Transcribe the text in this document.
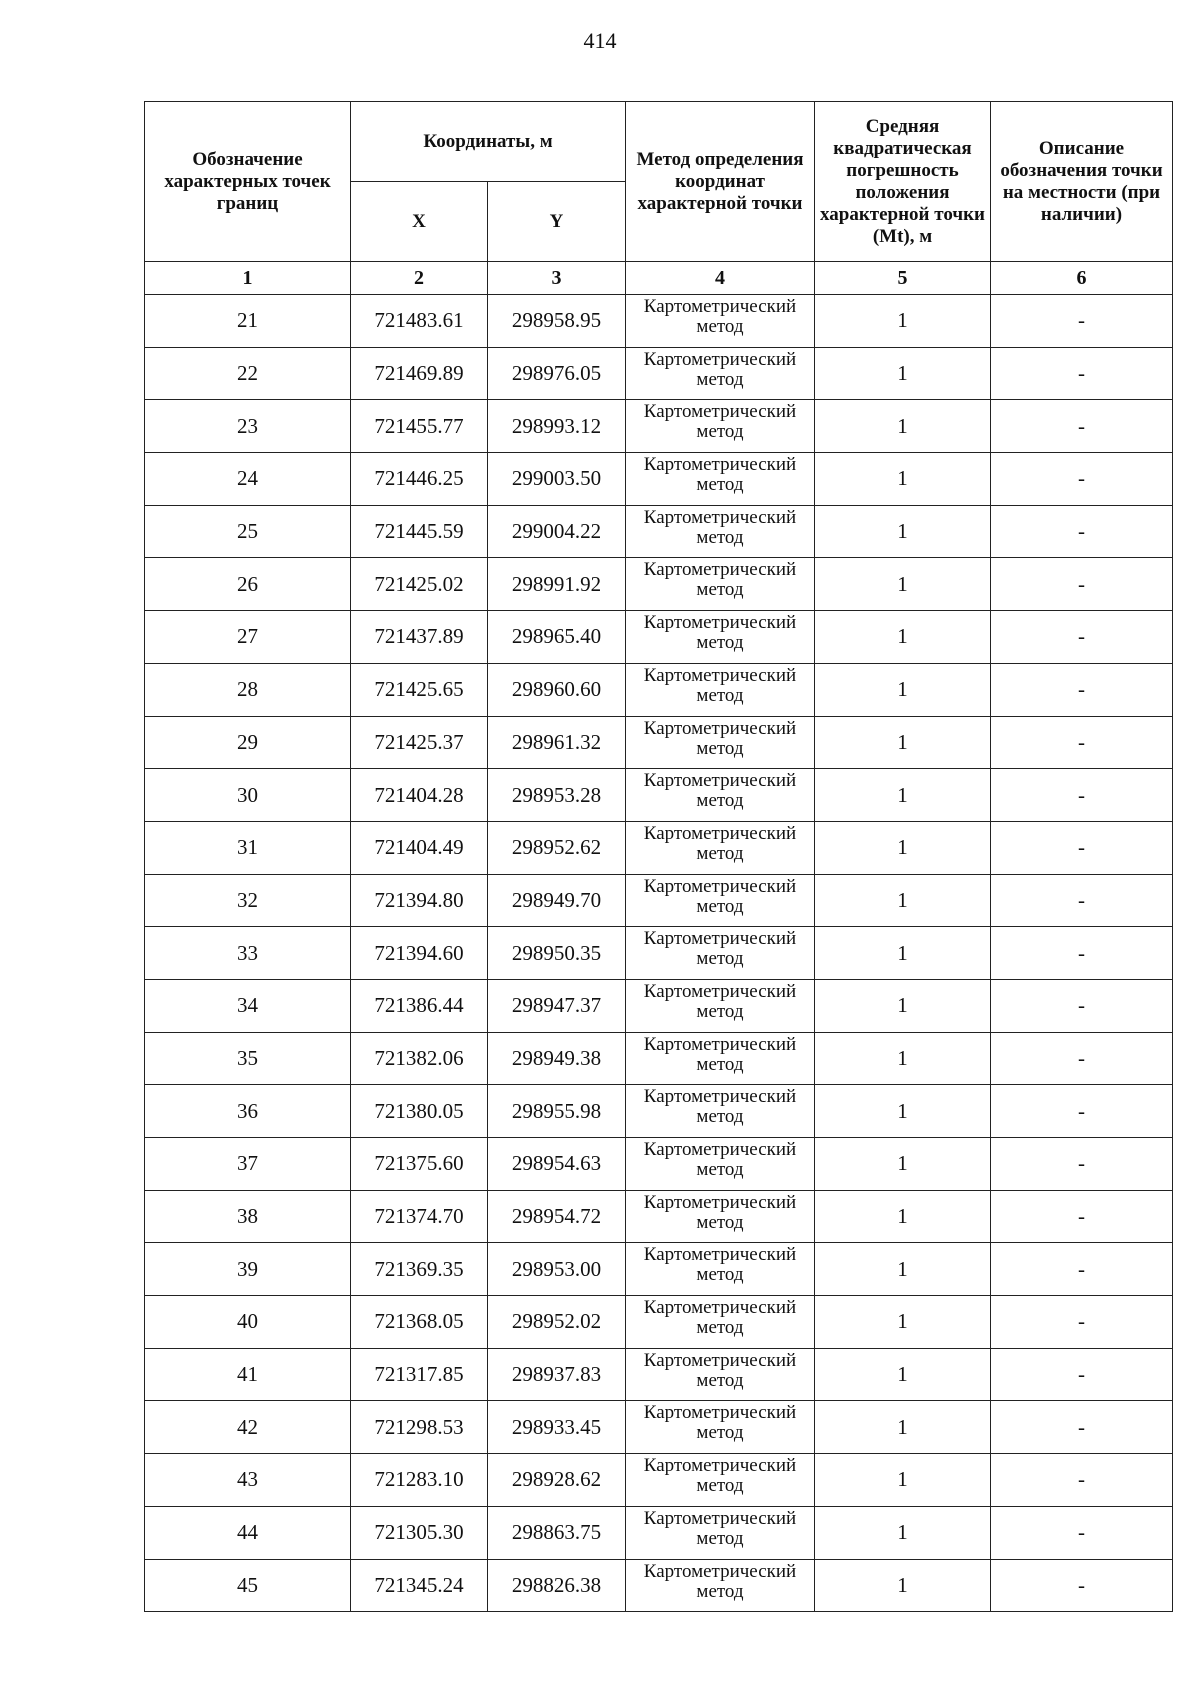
414
Обозначение характерных точек границ	Координаты, м		Метод определения координат характерной точки	Средняя квадратическая погрешность положения характерной точки (Mt), м	Описание обозначения точки на местности (при наличии)
	X	Y			
1	2	3	4	5	6
21	721483.61	298958.95	Картометрический метод	1	-
22	721469.89	298976.05	Картометрический метод	1	-
23	721455.77	298993.12	Картометрический метод	1	-
24	721446.25	299003.50	Картометрический метод	1	-
25	721445.59	299004.22	Картометрический метод	1	-
26	721425.02	298991.92	Картометрический метод	1	-
27	721437.89	298965.40	Картометрический метод	1	-
28	721425.65	298960.60	Картометрический метод	1	-
29	721425.37	298961.32	Картометрический метод	1	-
30	721404.28	298953.28	Картометрический метод	1	-
31	721404.49	298952.62	Картометрический метод	1	-
32	721394.80	298949.70	Картометрический метод	1	-
33	721394.60	298950.35	Картометрический метод	1	-
34	721386.44	298947.37	Картометрический метод	1	-
35	721382.06	298949.38	Картометрический метод	1	-
36	721380.05	298955.98	Картометрический метод	1	-
37	721375.60	298954.63	Картометрический метод	1	-
38	721374.70	298954.72	Картометрический метод	1	-
39	721369.35	298953.00	Картометрический метод	1	-
40	721368.05	298952.02	Картометрический метод	1	-
41	721317.85	298937.83	Картометрический метод	1	-
42	721298.53	298933.45	Картометрический метод	1	-
43	721283.10	298928.62	Картометрический метод	1	-
44	721305.30	298863.75	Картометрический метод	1	-
45	721345.24	298826.38	Картометрический метод	1	-
